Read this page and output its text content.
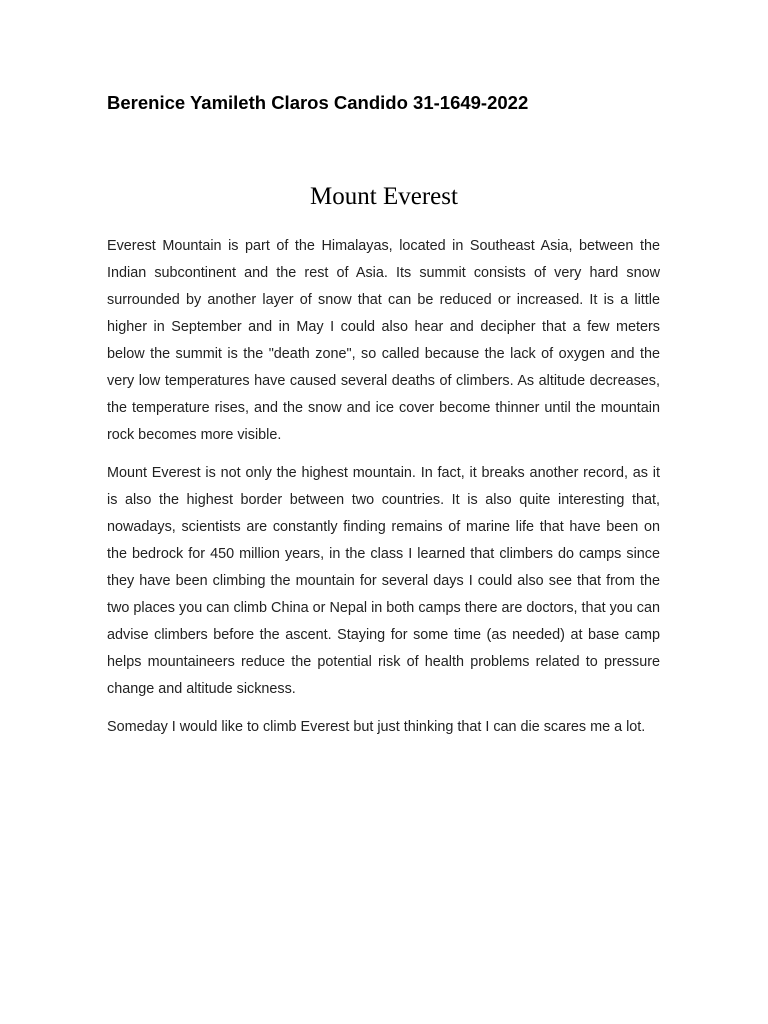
Berenice Yamileth Claros Candido 31-1649-2022
Mount Everest

Everest Mountain is part of the Himalayas, located in Southeast Asia, between the Indian subcontinent and the rest of Asia. Its summit consists of very hard snow surrounded by another layer of snow that can be reduced or increased. It is a little higher in September and in May I could also hear and decipher that a few meters below the summit is the "death zone", so called because the lack of oxygen and the very low temperatures have caused several deaths of climbers. As altitude decreases, the temperature rises, and the snow and ice cover become thinner until the mountain rock becomes more visible.

Mount Everest is not only the highest mountain. In fact, it breaks another record, as it is also the highest border between two countries. It is also quite interesting that, nowadays, scientists are constantly finding remains of marine life that have been on the bedrock for 450 million years, in the class I learned that climbers do camps since they have been climbing the mountain for several days I could also see that from the two places you can climb China or Nepal in both camps there are doctors, that you can advise climbers before the ascent. Staying for some time (as needed) at base camp helps mountaineers reduce the potential risk of health problems related to pressure change and altitude sickness.

Someday I would like to climb Everest but just thinking that I can die scares me a lot.
